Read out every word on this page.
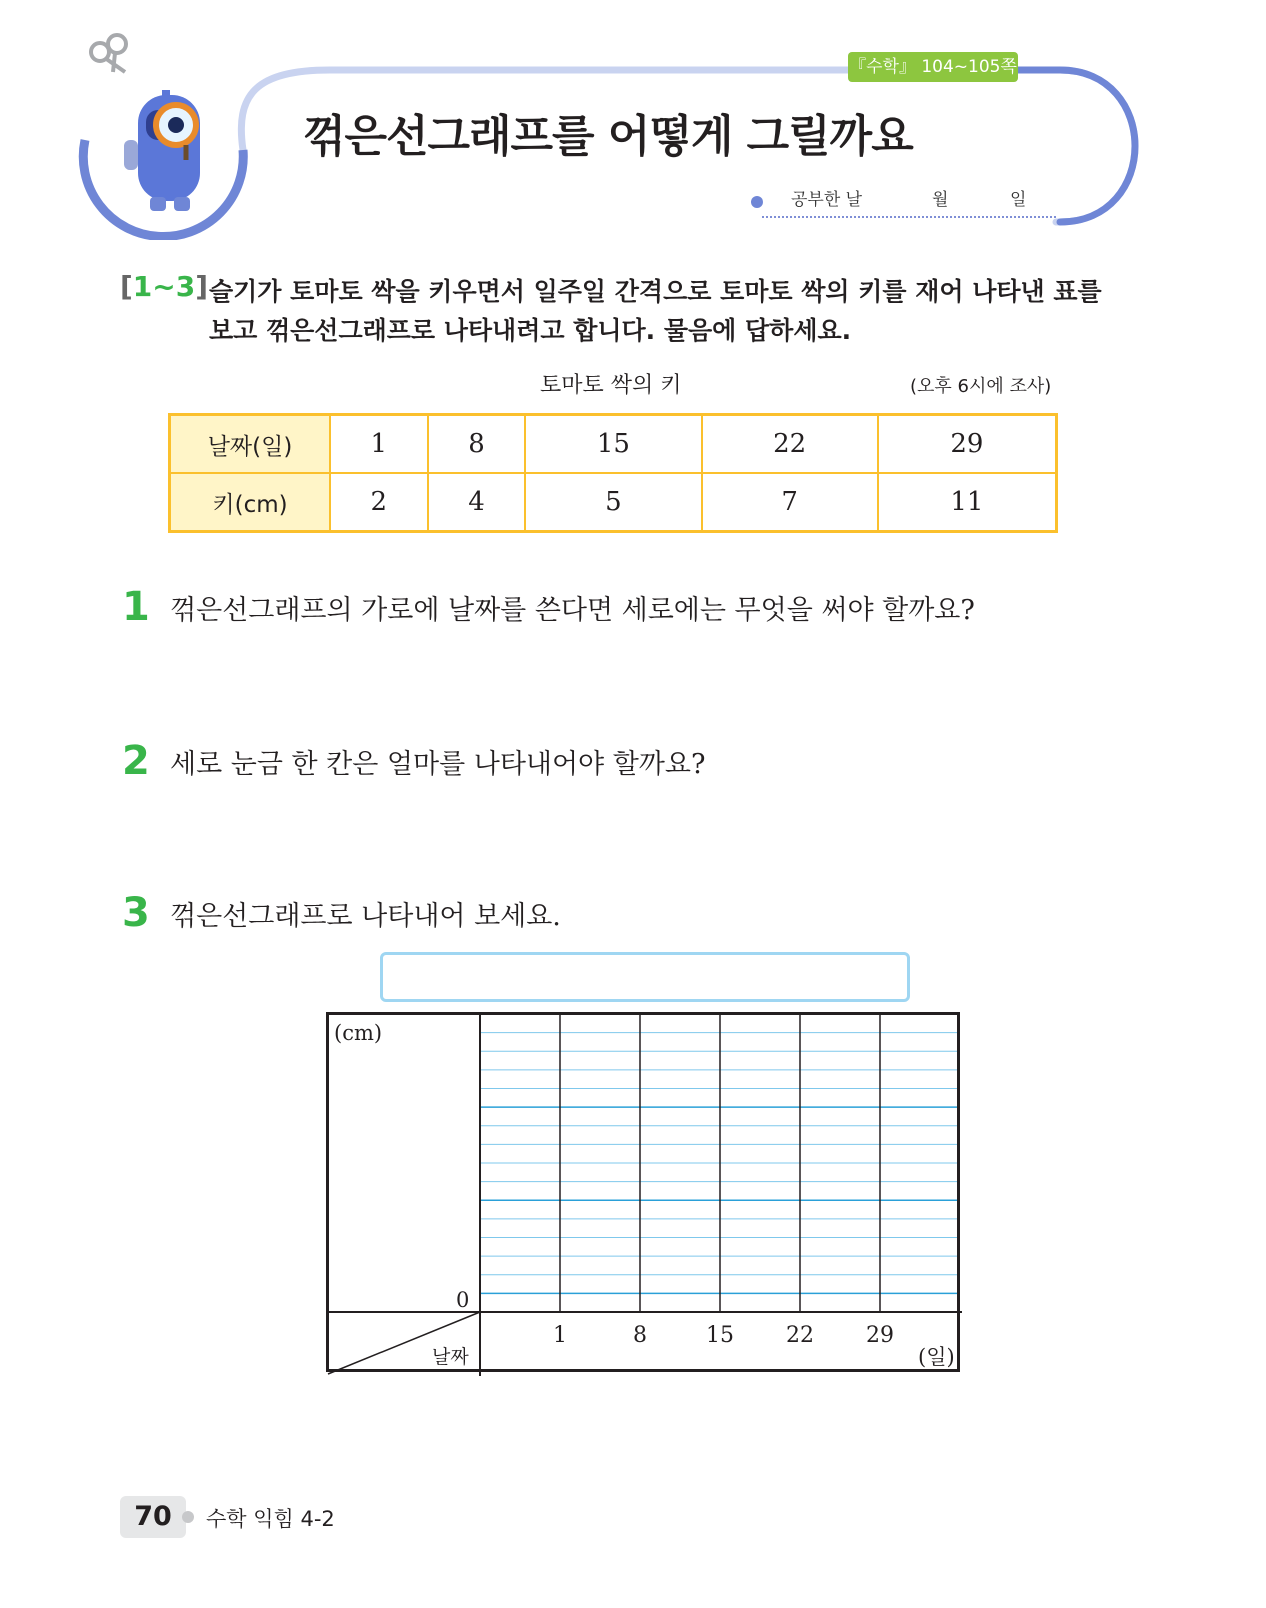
『수학』 104~105쪽
꺾은선그래프를 어떻게 그릴까요
공부한 날	월	일
[1~3] 슬기가 토마토 싹을 키우면서 일주일 간격으로 토마토 싹의 키를 재어 나타낸 표를
보고 꺾은선그래프로 나타내려고 합니다. 물음에 답하세요.
토마토 싹의 키	(오후 6시에 조사)
날짜(일)	1	8	15	22	29
키(cm)	2	4	5	7	11
1 꺾은선그래프의 가로에 날짜를 쓴다면 세로에는 무엇을 써야 할까요?
2 세로 눈금 한 칸은 얼마를 나타내어야 할까요?
3 꺾은선그래프로 나타내어 보세요.
(cm)
0
날짜	(일)
1	8	15 22 29
70	수학 익힘 4-2
